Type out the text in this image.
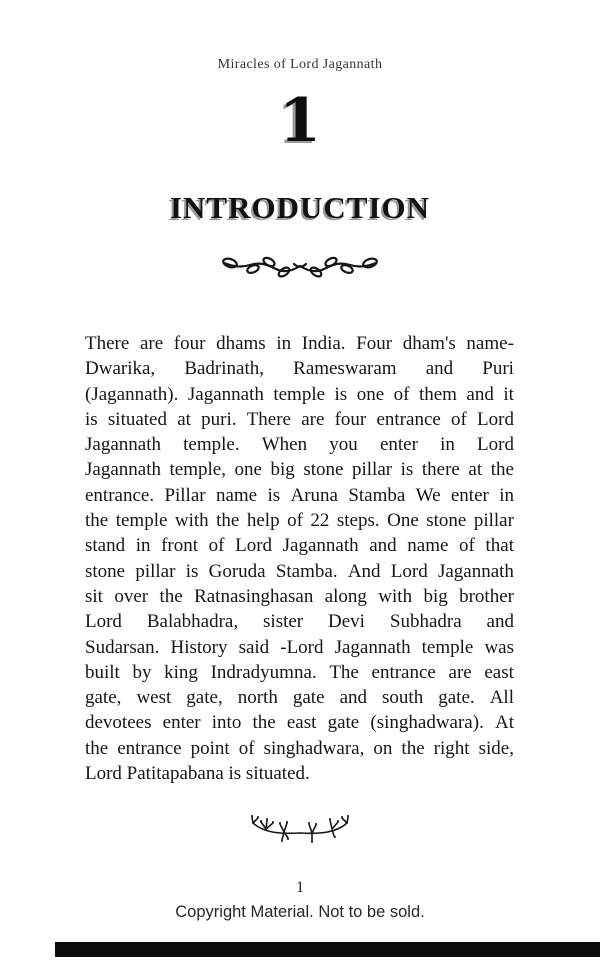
Miracles of Lord Jagannath
1
INTRODUCTION
There are four dhams in India. Four dham's name-
Dwarika, Badrinath, Rameswaram and Puri
(Jagannath). Jagannath temple is one of them and it
is situated at puri. There are four entrance of Lord
Jagannath temple. When you enter in Lord
Jagannath temple, one big stone pillar is there at the
entrance. Pillar name is Aruna Stamba We enter in
the temple with the help of 22 steps. One stone pillar
stand in front of Lord Jagannath and name of that
stone pillar is Goruda Stamba. And Lord Jagannath
sit over the Ratnasinghasan along with big brother
Lord Balabhadra, sister Devi Subhadra and
Sudarsan. History said -Lord Jagannath temple was
built by king Indradyumna. The entrance are east
gate, west gate, north gate and south gate. All
devotees enter into the east gate (singhadwara). At
the entrance point of singhadwara, on the right side,
Lord Patitapabana is situated.
1
Copyright Material. Not to be sold.
